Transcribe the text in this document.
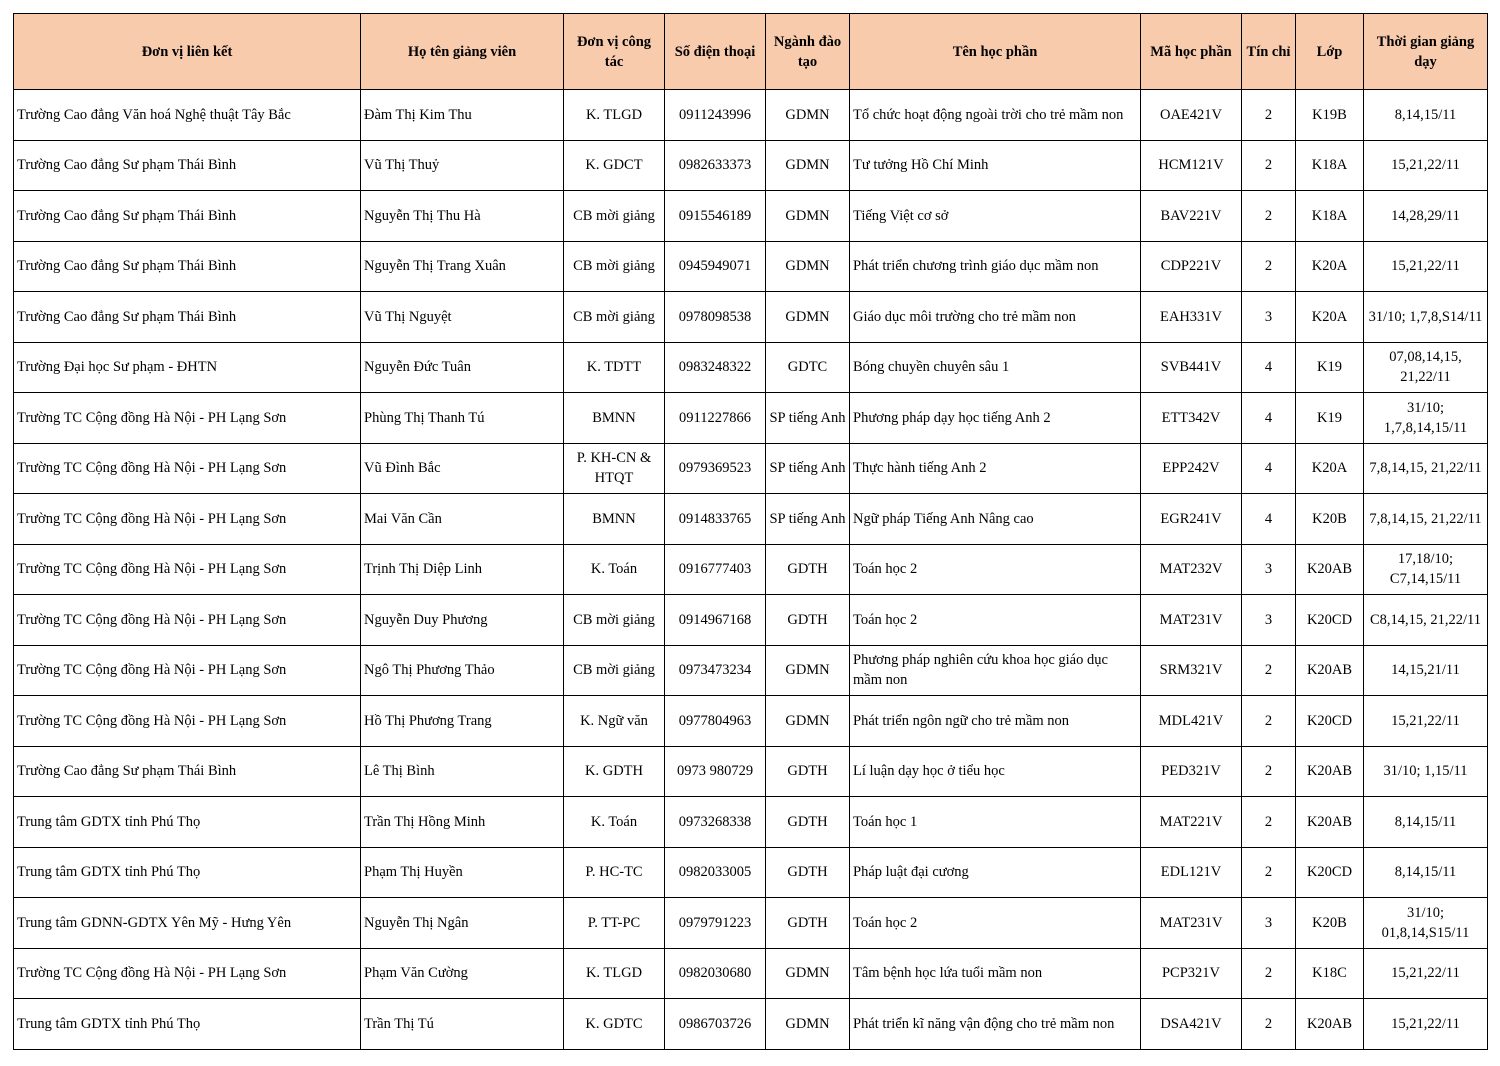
Đơn vị liên kết	Họ tên giảng viên	Đơn vị công tác	Số điện thoại	Ngành đào tạo	Tên học phần	Mã học phần	Tín chỉ	Lớp	Thời gian giảng dạy
Trường Cao đẳng Văn hoá Nghệ thuật Tây Bắc	Đàm Thị Kim Thu	K. TLGD	0911243996	GDMN	Tổ chức hoạt động ngoài trời cho trẻ mầm non	OAE421V	2	K19B	8,14,15/11
Trường Cao đẳng Sư phạm Thái Bình	Vũ Thị Thuỷ	K. GDCT	0982633373	GDMN	Tư tưởng Hồ Chí Minh	HCM121V	2	K18A	15,21,22/11
Trường Cao đẳng Sư phạm Thái Bình	Nguyễn Thị Thu Hà	CB mời giảng	0915546189	GDMN	Tiếng Việt cơ sở	BAV221V	2	K18A	14,28,29/11
Trường Cao đẳng Sư phạm Thái Bình	Nguyễn Thị Trang Xuân	CB mời giảng	0945949071	GDMN	Phát triển chương trình giáo dục mầm non	CDP221V	2	K20A	15,21,22/11
Trường Cao đẳng Sư phạm Thái Bình	Vũ Thị Nguyệt	CB mời giảng	0978098538	GDMN	Giáo dục môi trường cho trẻ mầm non	EAH331V	3	K20A	31/10; 1,7,8,S14/11
Trường Đại học Sư phạm - ĐHTN	Nguyễn Đức Tuân	K. TDTT	0983248322	GDTC	Bóng chuyền chuyên sâu 1	SVB441V	4	K19	07,08,14,15, 21,22/11
Trường TC Cộng đồng Hà Nội - PH Lạng Sơn	Phùng Thị Thanh Tú	BMNN	0911227866	SP tiếng Anh	Phương pháp dạy học tiếng Anh 2	ETT342V	4	K19	31/10; 1,7,8,14,15/11
Trường TC Cộng đồng Hà Nội - PH Lạng Sơn	Vũ Đình Bắc	P. KH-CN & HTQT	0979369523	SP tiếng Anh	Thực hành tiếng Anh 2	EPP242V	4	K20A	7,8,14,15, 21,22/11
Trường TC Cộng đồng Hà Nội - PH Lạng Sơn	Mai Văn Cần	BMNN	0914833765	SP tiếng Anh	Ngữ pháp Tiếng Anh Nâng cao	EGR241V	4	K20B	7,8,14,15, 21,22/11
Trường TC Cộng đồng Hà Nội - PH Lạng Sơn	Trịnh Thị Diệp Linh	K. Toán	0916777403	GDTH	Toán học 2	MAT232V	3	K20AB	17,18/10; C7,14,15/11
Trường TC Cộng đồng Hà Nội - PH Lạng Sơn	Nguyễn Duy Phương	CB mời giảng	0914967168	GDTH	Toán học 2	MAT231V	3	K20CD	C8,14,15, 21,22/11
Trường TC Cộng đồng Hà Nội - PH Lạng Sơn	Ngô Thị Phương Thảo	CB mời giảng	0973473234	GDMN	Phương pháp nghiên cứu khoa học giáo dục mầm non	SRM321V	2	K20AB	14,15,21/11
Trường TC Cộng đồng Hà Nội - PH Lạng Sơn	Hồ Thị Phương Trang	K. Ngữ văn	0977804963	GDMN	Phát triển ngôn ngữ cho trẻ mầm non	MDL421V	2	K20CD	15,21,22/11
Trường Cao đẳng Sư phạm Thái Bình	Lê Thị Bình	K. GDTH	0973 980729	GDTH	Lí luận dạy học ở tiểu học	PED321V	2	K20AB	31/10; 1,15/11
Trung tâm GDTX tỉnh Phú Thọ	Trần Thị Hồng Minh	K. Toán	0973268338	GDTH	Toán học 1	MAT221V	2	K20AB	8,14,15/11
Trung tâm GDTX tỉnh Phú Thọ	Phạm Thị Huyền	P. HC-TC	0982033005	GDTH	Pháp luật đại cương	EDL121V	2	K20CD	8,14,15/11
Trung tâm GDNN-GDTX Yên Mỹ - Hưng Yên	Nguyễn Thị Ngân	P. TT-PC	0979791223	GDTH	Toán học 2	MAT231V	3	K20B	31/10; 01,8,14,S15/11
Trường TC Cộng đồng Hà Nội - PH Lạng Sơn	Phạm Văn Cường	K. TLGD	0982030680	GDMN	Tâm bệnh học lứa tuổi mầm non	PCP321V	2	K18C	15,21,22/11
Trung tâm GDTX tỉnh Phú Thọ	Trần Thị Tú	K. GDTC	0986703726	GDMN	Phát triển kĩ năng vận động cho trẻ mầm non	DSA421V	2	K20AB	15,21,22/11
